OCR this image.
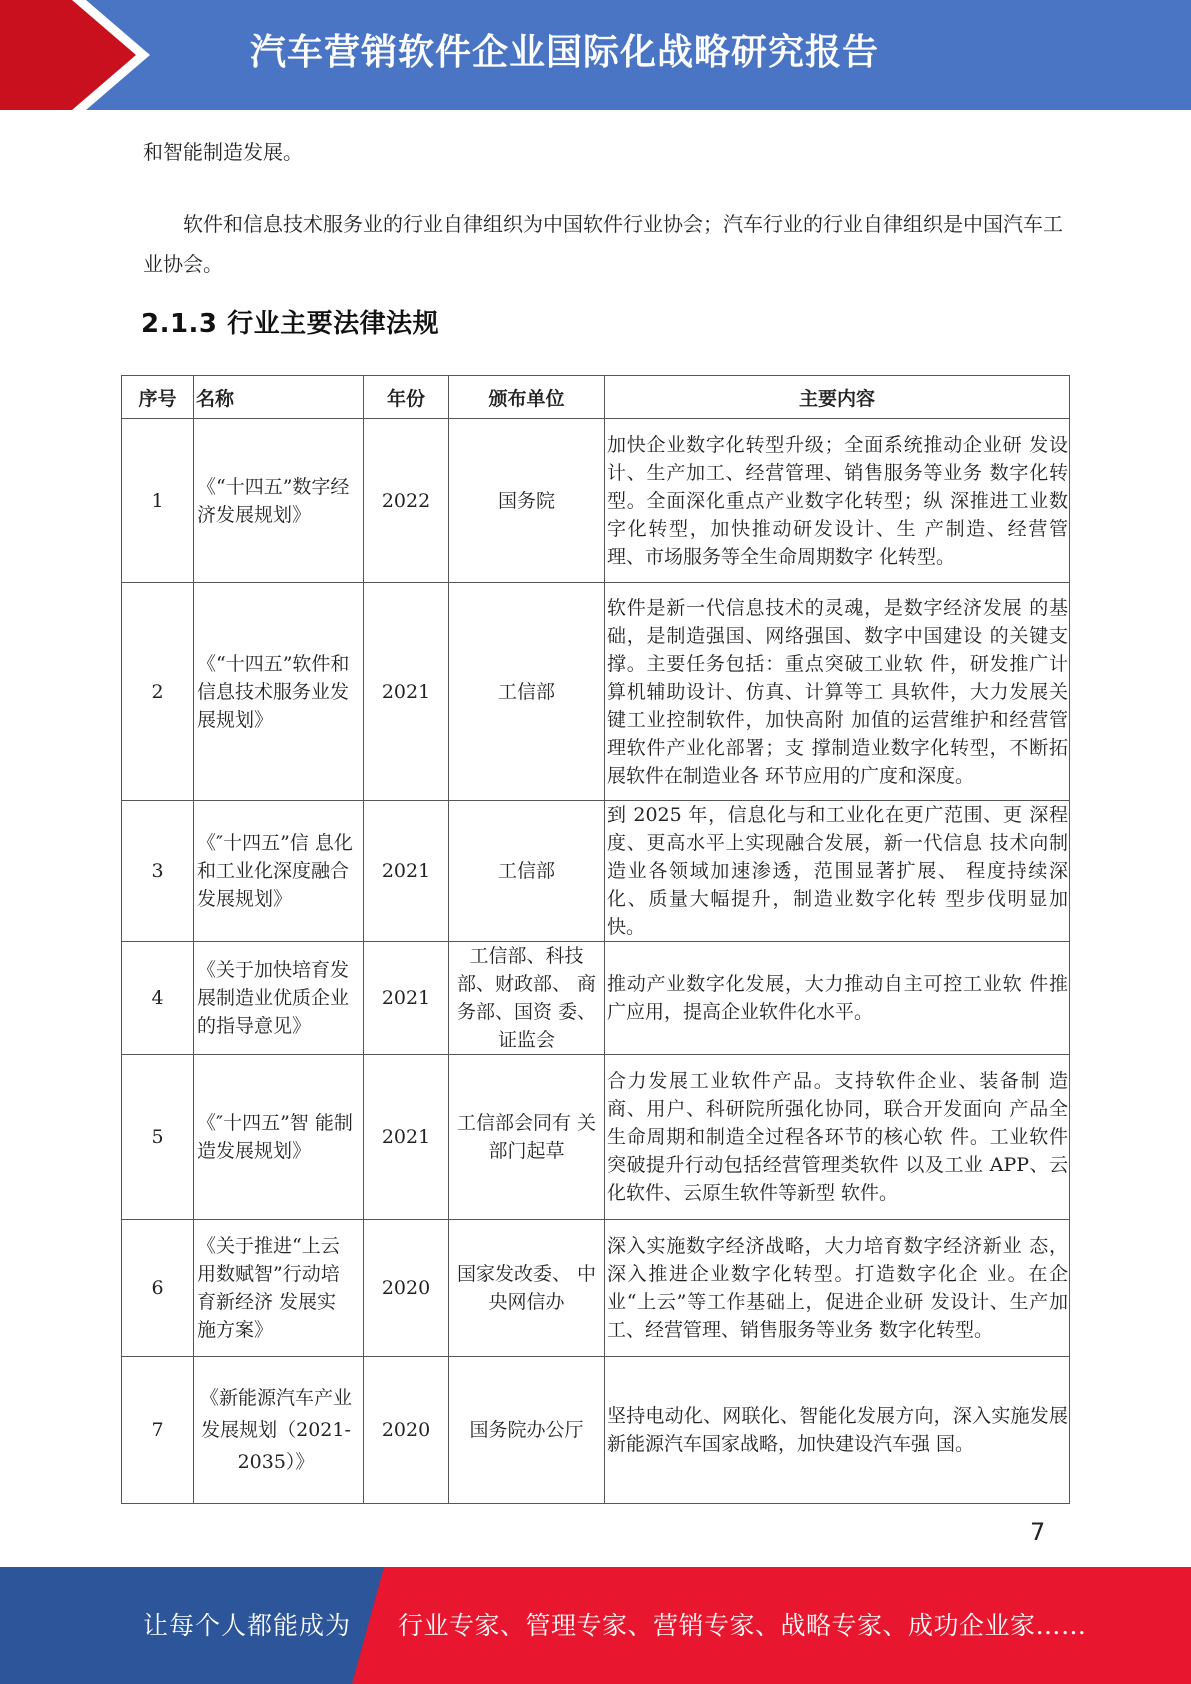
汽车营销软件企业国际化战略研究报告
和智能制造发展。
软件和信息技术服务业的行业自律组织为中国软件行业协会；汽车行业的行业自律组织是中国汽车工业协会。
2.1.3 行业主要法律法规
序号	名称	年份	颁布单位	主要内容
1	《“十四五”数字经济发展规划》	2022	国务院	加快企业数字化转型升级；全面系统推动企业研 发设计、生产加工、经营管理、销售服务等业务 数字化转型。全面深化重点产业数字化转型；纵 深推进工业数字化转型，加快推动研发设计、生 产制造、经营管理、市场服务等全生命周期数字 化转型。

2	《“十四五”软件和信息技术服务业发展规划》	2021	工信部	软件是新一代信息技术的灵魂，是数字经济发展 的基础，是制造强国、网络强国、数字中国建设 的关键支撑。主要任务包括：重点突破工业软 件，研发推广计算机辅助设计、仿真、计算等工 具软件，大力发展关键工业控制软件，加快高附 加值的运营维护和经营管理软件产业化部署；支 撑制造业数字化转型，不断拓展软件在制造业各 环节应用的广度和深度。

3	《″十四五”信 息化和工业化深度融合发展规划》	2021	工信部	到 2025 年，信息化与和工业化在更广范围、更 深程度、更高水平上实现融合发展，新一代信息 技术向制造业各领域加速渗透，范围显著扩展、 程度持续深化、质量大幅提升，制造业数字化转 型步伐明显加快。

4	《关于加快培育发展制造业优质企业的指导意见》	2021	工信部、科技部、财政部、 商务部、国资 委、证监会	推动产业数字化发展，大力推动自主可控工业软 件推广应用，提高企业软件化水平。

5	《″十四五”智 能制造发展规划》	2021	工信部会同有 关部门起草	合力发展工业软件产品。支持软件企业、装备制 造商、用户、科研院所强化协同，联合开发面向 产品全生命周期和制造全过程各环节的核心软 件。工业软件突破提升行动包括经营管理类软件 以及工业 APP、云化软件、云原生软件等新型 软件。

6	《关于推进“上云用数赋智”行动培育新经济 发展实施方案》	2020	国家发改委、 中央网信办	深入实施数字经济战略，大力培育数字经济新业 态，深入推进企业数字化转型。打造数字化企 业。在企业“上云”等工作基础上，促进企业研 发设计、生产加工、经营管理、销售服务等业务 数字化转型。

7	《新能源汽车产业发展规划（2021-2035）》	2020	国务院办公厅	坚持电动化、网联化、智能化发展方向，深入实施发展新能源汽车国家战略，加快建设汽车强 国。
7
让每个人都能成为 行业专家、管理专家、营销专家、战略专家、成功企业家……
